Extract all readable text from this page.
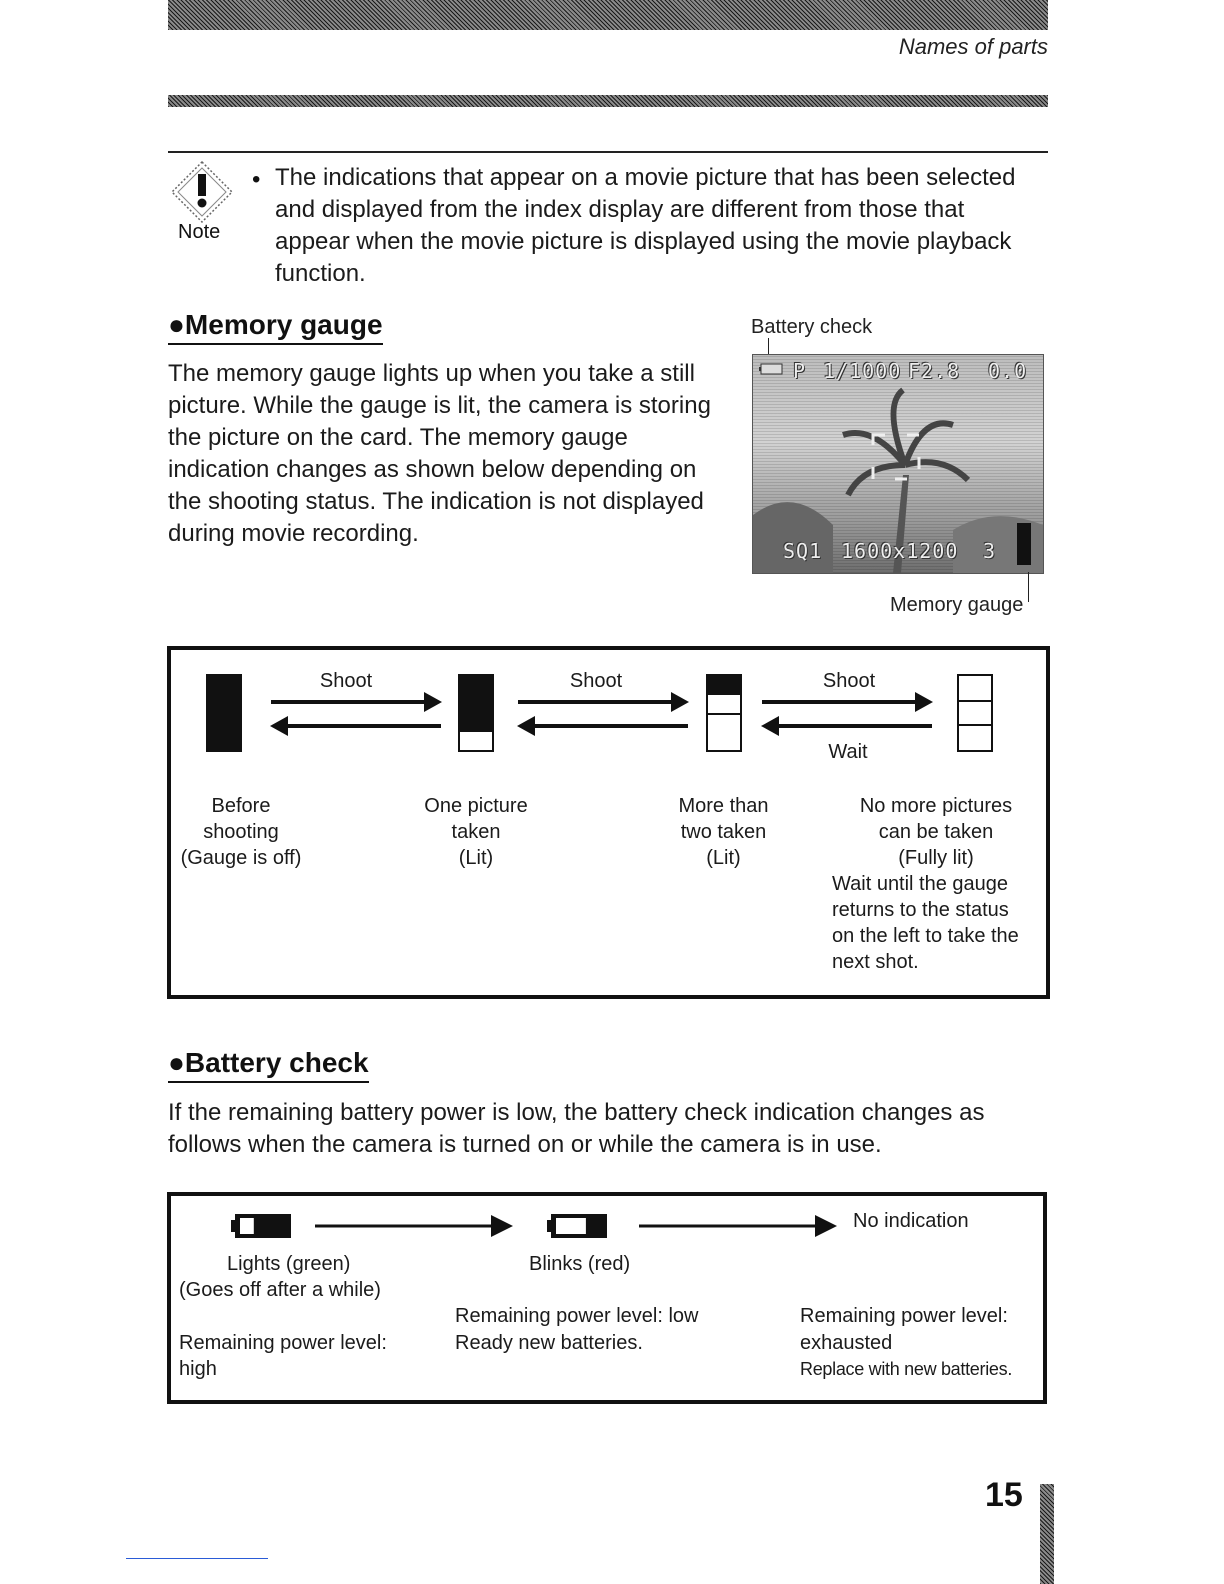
Names of parts
Note
• The indications that appear on a movie picture that has been selected and displayed from the index display are different from those that appear when the movie picture is displayed using the movie playback function.
●Memory gauge
The memory gauge lights up when you take a still picture. While the gauge is lit, the camera is storing the picture on the card. The memory gauge indication changes as shown below depending on the shooting status. The indication is not displayed during movie recording.
Battery check
P 1/1000 F2.8 0.0
SQ1 1600x1200 3
Memory gauge
Shoot	Shoot	Shoot
Wait
Before
shooting
(Gauge is off)
One picture
taken
(Lit)
More than
two taken
(Lit)
No more pictures
can be taken
(Fully lit)
Wait until the gauge
returns to the status
on the left to take the
next shot.
●Battery check
If the remaining battery power is low, the battery check indication changes as follows when the camera is turned on or while the camera is in use.
No indication
Lights (green)
(Goes off after a while)
Remaining power level:
high
Blinks (red)
Remaining power level: low
Ready new batteries.
Remaining power level:
exhausted
Replace with new batteries.
15
